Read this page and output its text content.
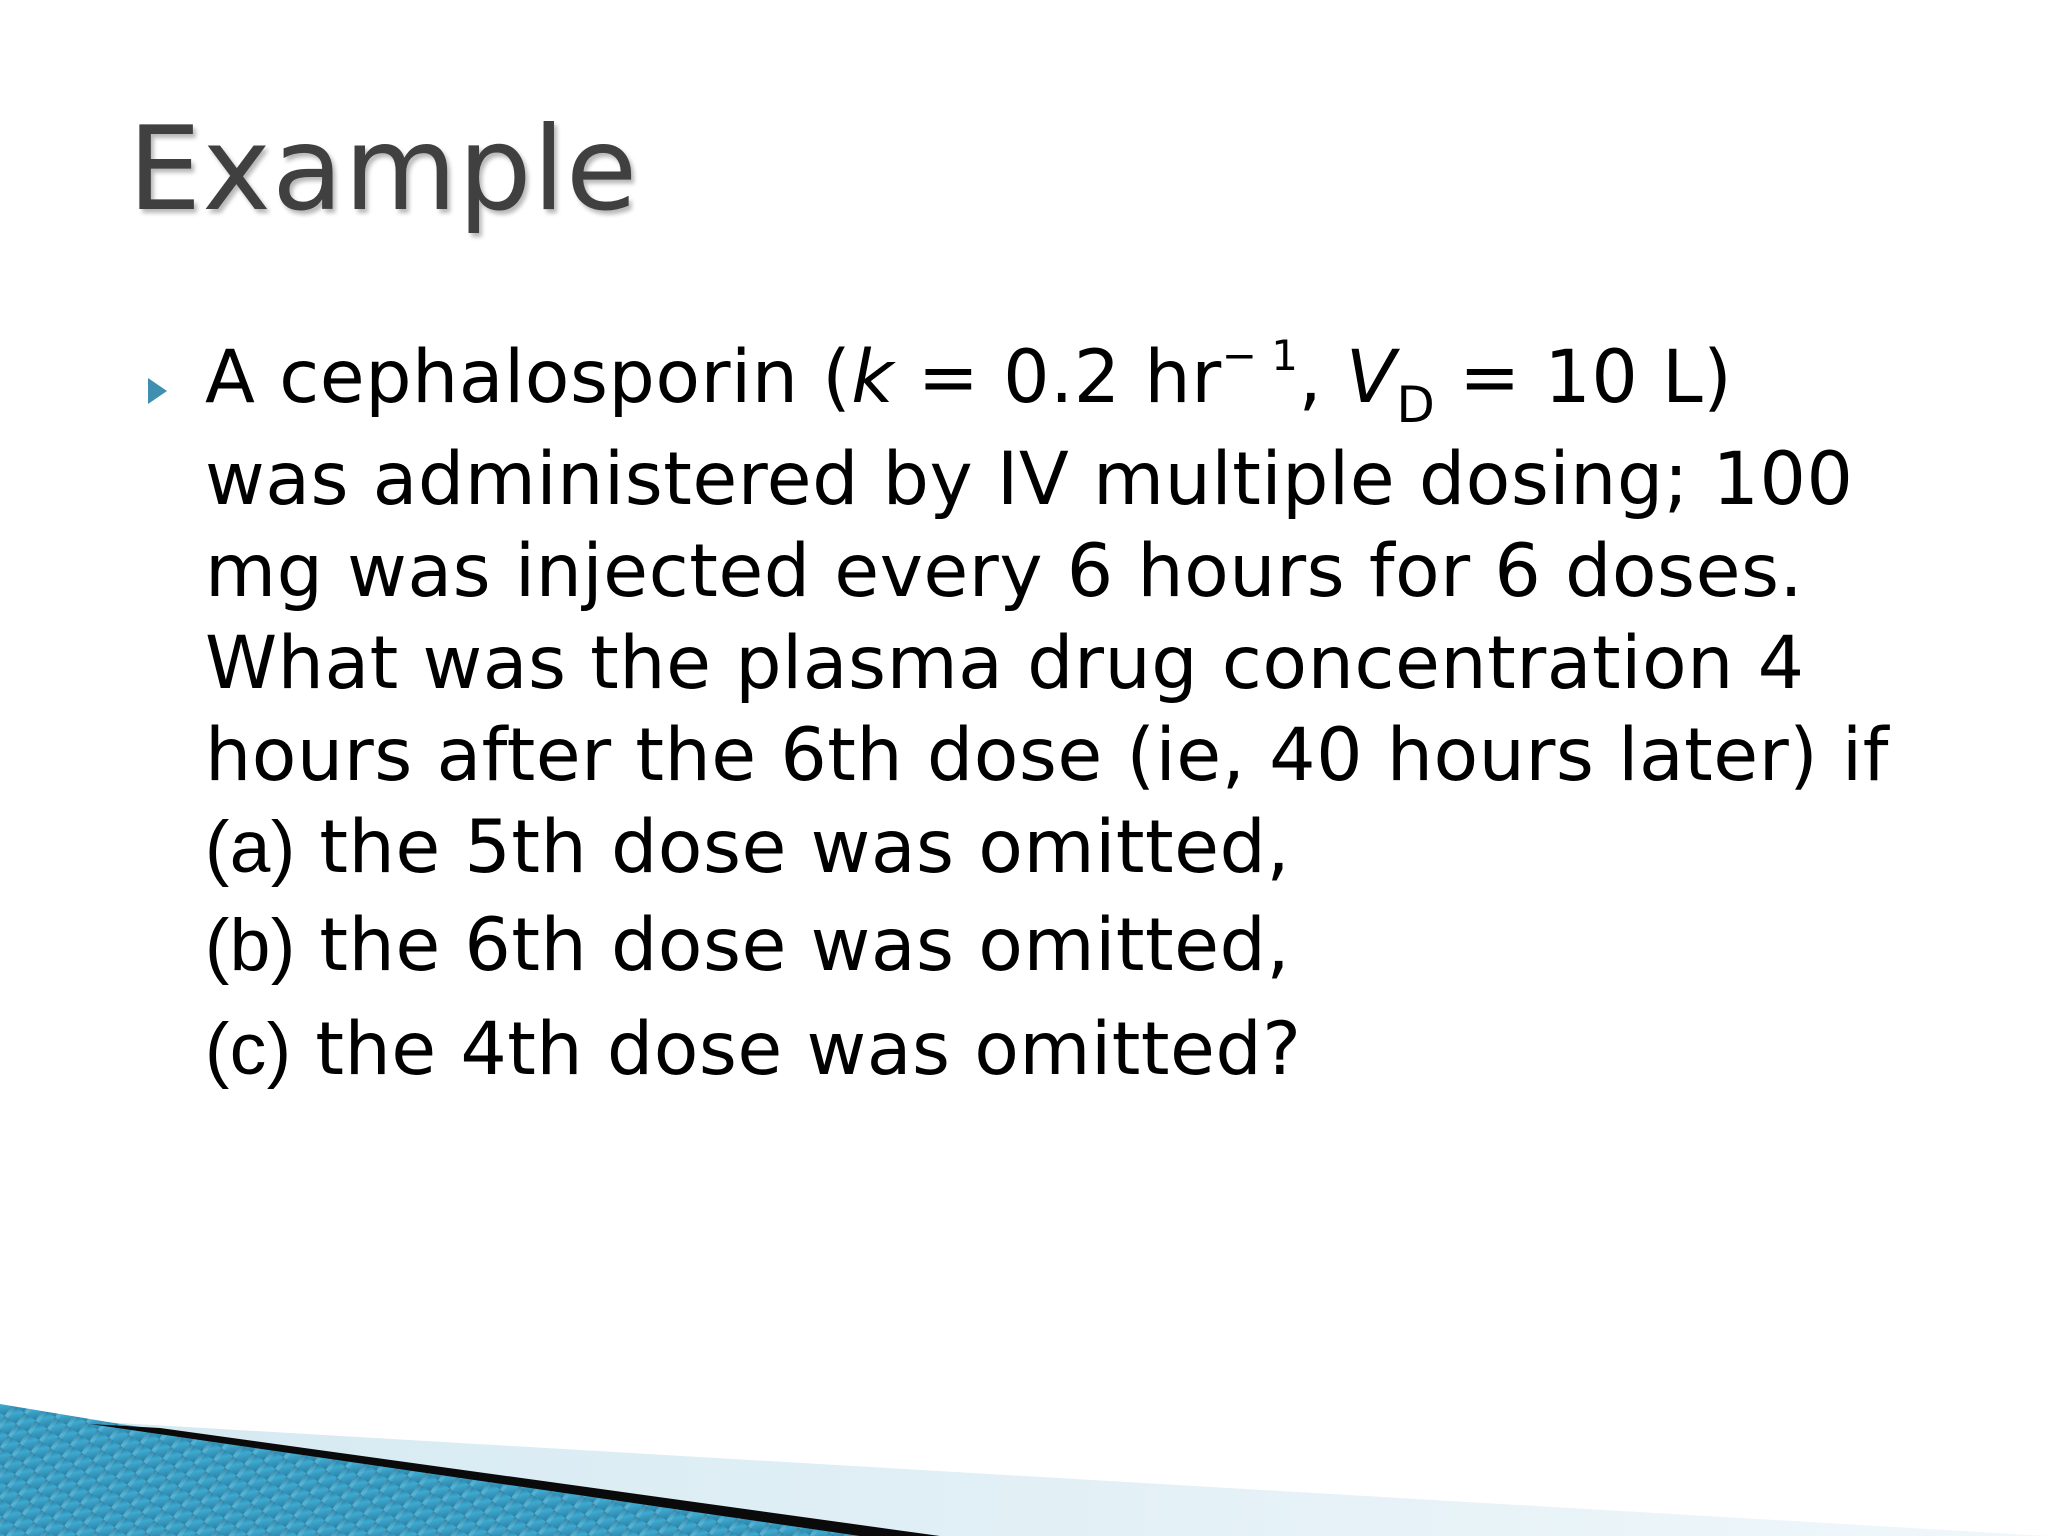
Example
A cephalosporin (k = 0.2 $hr^{- 1}$, $V_D = 10$ L)
was administered by IV multiple dosing; 100
mg was injected every 6 hours for 6 doses.
What was the plasma drug concentration 4
hours after the 6th dose (ie, 40 hours later) if
(a) the 5th dose was omitted,
(b) the 6th dose was omitted,
(c) the 4th dose was omitted?
